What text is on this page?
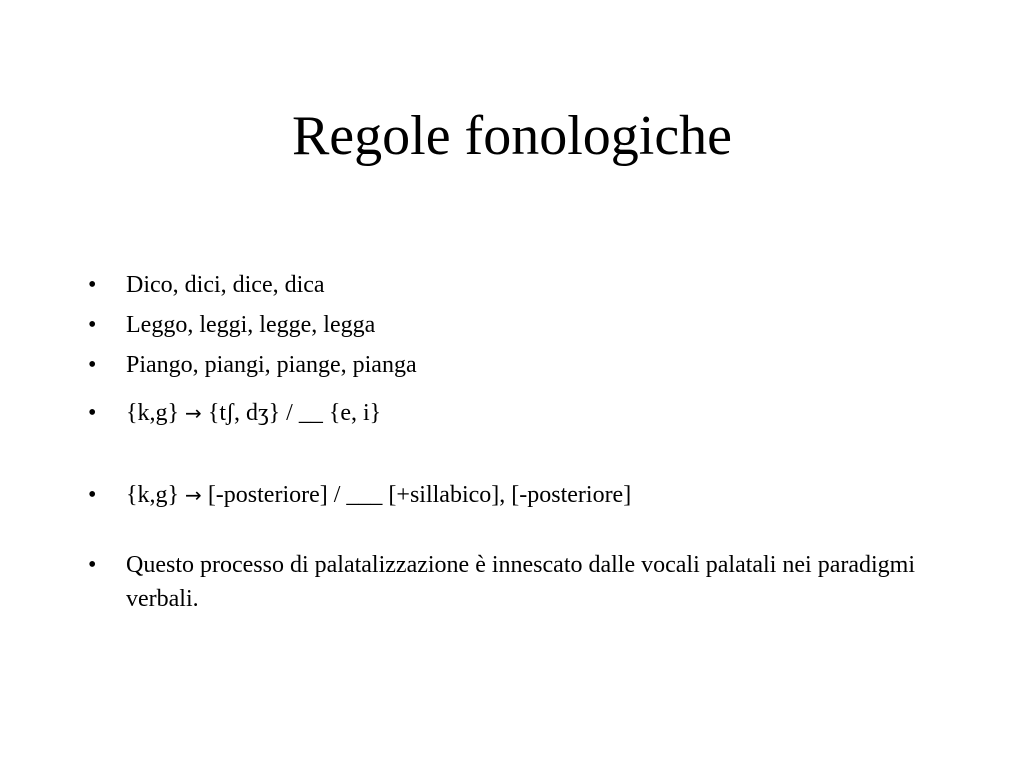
Regole fonologiche
• Dico, dici, dice, dica
• Leggo, leggi, legge, legga
• Piango, piangi, piange, pianga
• {k,g} → {tʃ, dʒ} / __ {e, i}
• {k,g} → [-posteriore] / ___ [+sillabico], [-posteriore]
• Questo processo di palatalizzazione è innescato dalle vocali palatali nei paradigmi verbali.
